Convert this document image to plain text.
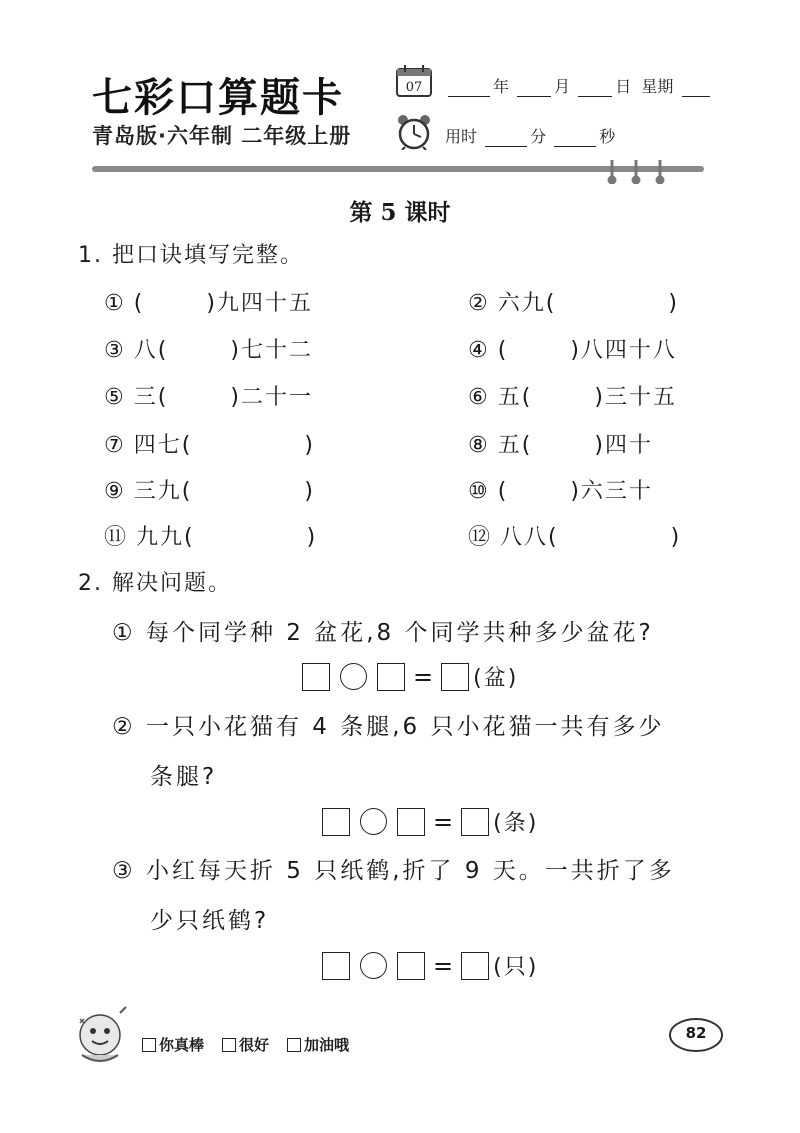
七彩口算题卡
青岛版·六年制 二年级上册
07	年	月	日 星期
用时	分	秒
第 5 课时
1. 把口诀填写完整。
① (	)九四十五	② 六九(	)
③ 八(	)七十二	④ (	)八四十八
⑤ 三(	)二十一	⑥ 五(	)三十五
⑦ 四七(	)	⑧ 五(	)四十
⑨ 三九(	)	⑩ (	)六三十
⑪ 九九(	)	⑫ 八八(	)
2. 解决问题。
① 每个同学种 2 盆花,8 个同学共种多少盆花?
= (盆)
② 一只小花猫有 4 条腿,6 只小花猫一共有多少
条腿?
= (条)
③ 小红每天折 5 只纸鹤,折了 9 天。一共折了多
少只纸鹤?
= (只)
你真棒 很好 加油哦
82
